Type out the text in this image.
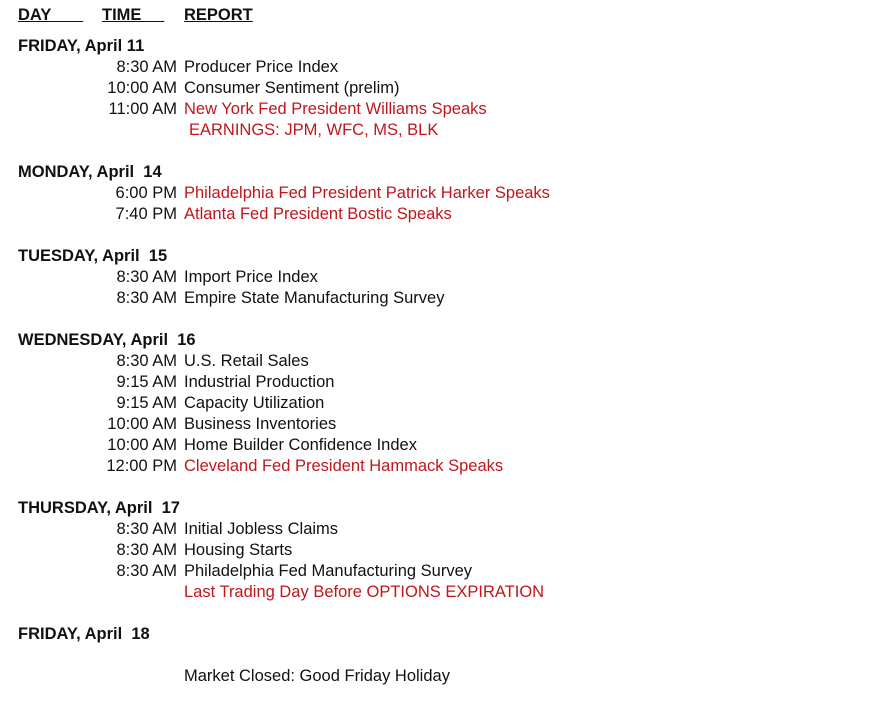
DAY TIME REPORT
FRIDAY, April 11
8:30 AM Producer Price Index
10:00 AM Consumer Sentiment (prelim)
11:00 AM New York Fed President Williams Speaks
EARNINGS: JPM, WFC, MS, BLK
MONDAY, April  14
6:00 PM Philadelphia Fed President Patrick Harker Speaks
7:40 PM Atlanta Fed President Bostic Speaks
TUESDAY, April  15
8:30 AM Import Price Index
8:30 AM Empire State Manufacturing Survey
WEDNESDAY, April  16
8:30 AM U.S. Retail Sales
9:15 AM Industrial Production
9:15 AM Capacity Utilization
10:00 AM Business Inventories
10:00 AM Home Builder Confidence Index
12:00 PM Cleveland Fed President Hammack Speaks
THURSDAY, April  17
8:30 AM Initial Jobless Claims
8:30 AM Housing Starts
8:30 AM Philadelphia Fed Manufacturing Survey
Last Trading Day Before OPTIONS EXPIRATION
FRIDAY, April  18
Market Closed: Good Friday Holiday
